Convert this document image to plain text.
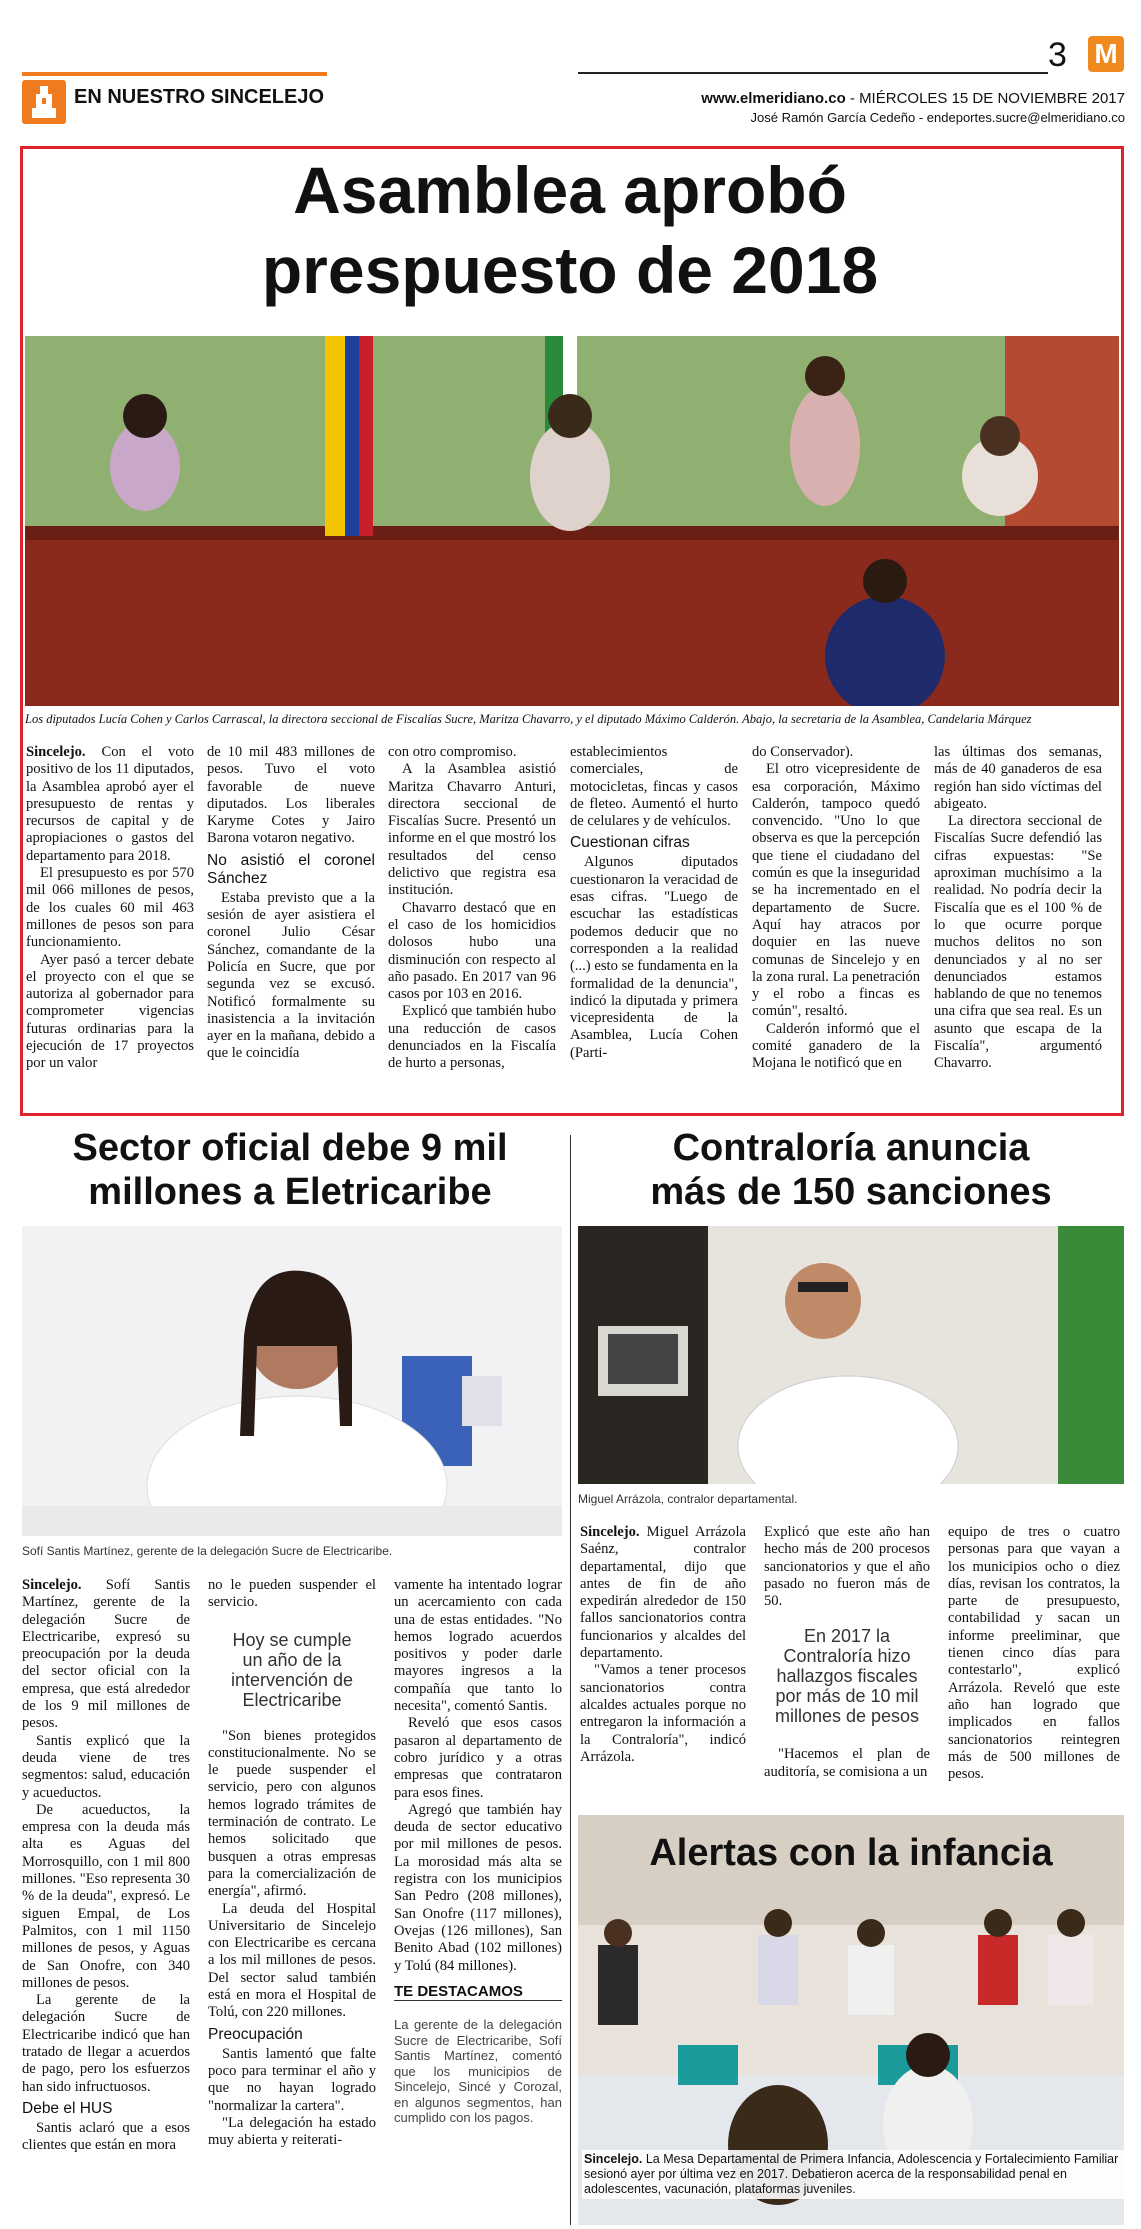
EN NUESTRO SINCELEJO
3 M
www.elmeridiano.co - MIÉRCOLES 15 DE NOVIEMBRE 2017
José Ramón García Cedeño - endeportes.sucre@elmeridiano.co
Asamblea aprobó
prespuesto de 2018
Los diputados Lucía Cohen y Carlos Carrascal, la directora seccional de Fiscalías Sucre, Maritza Chavarro, y el diputado Máximo Calderón. Abajo, la secretaria de la Asamblea, Candelaria Márquez

Sincelejo. Con el voto positivo de los 11 diputados, la Asamblea aprobó ayer el presupuesto de rentas y recursos de capital y de apropiaciones o gastos del departamento para 2018.

El presupuesto es por 570 mil 066 millones de pesos, de los cuales 60 mil 463 millones de pesos son para funcionamiento.

Ayer pasó a tercer debate el proyecto con el que se autoriza al gobernador para comprometer vigencias futuras ordinarias para la ejecución de 17 proyectos por un valor

de 10 mil 483 millones de pesos. Tuvo el voto favorable de nueve diputados. Los liberales Karyme Cotes y Jairo Barona votaron negativo.

No asistió el coronel Sánchez

Estaba previsto que a la sesión de ayer asistiera el coronel Julio César Sánchez, comandante de la Policía en Sucre, que por segunda vez se excusó. Notificó formalmente su inasistencia a la invitación ayer en la mañana, debido a que le coincidía

con otro compromiso.

A la Asamblea asistió Maritza Chavarro Anturi, directora seccional de Fiscalías Sucre. Presentó un informe en el que mostró los resultados del censo delictivo que registra esa institución.

Chavarro destacó que en el caso de los homicidios dolosos hubo una disminución con respecto al año pasado. En 2017 van 96 casos por 103 en 2016.

Explicó que también hubo una reducción de casos denunciados en la Fiscalía de hurto a personas,

establecimientos comerciales, de motocicletas, fincas y casos de fleteo. Aumentó el hurto de celulares y de vehículos.

Cuestionan cifras

Algunos diputados cuestionaron la veracidad de esas cifras. "Luego de escuchar las estadísticas podemos deducir que no corresponden a la realidad (...) esto se fundamenta en la formalidad de la denuncia", indicó la diputada y primera vicepresidenta de la Asamblea, Lucía Cohen (Parti-

do Conservador).

El otro vicepresidente de esa corporación, Máximo Calderón, tampoco quedó convencido. "Uno lo que observa es que la percepción que tiene el ciudadano del común es que la inseguridad se ha incrementado en el departamento de Sucre. Aquí hay atracos por doquier en las nueve comunas de Sincelejo y en la zona rural. La penetración y el robo a fincas es común", resaltó.

Calderón informó que el comité ganadero de la Mojana le notificó que en

las últimas dos semanas, más de 40 ganaderos de esa región han sido víctimas del abigeato.

La directora seccional de Fiscalías Sucre defendió las cifras expuestas: "Se aproximan muchísimo a la realidad. No podría decir la Fiscalía que es el 100 % de lo que ocurre porque muchos delitos no son denunciados y al no ser denunciados estamos hablando de que no tenemos una cifra que sea real. Es un asunto que escapa de la Fiscalía", argumentó Chavarro.

Sector oficial debe 9 mil
millones a Eletricaribe
Sofí Santis Martínez, gerente de la delegación Sucre de Electricaribe.

Sincelejo. Sofí Santis Martínez, gerente de la delegación Sucre de Electricaribe, expresó su preocupación por la deuda del sector oficial con la empresa, que está alrededor de los 9 mil millones de pesos.

Santis explicó que la deuda viene de tres segmentos: salud, educación y acueductos.

De acueductos, la empresa con la deuda más alta es Aguas del Morrosquillo, con 1 mil 800 millones. "Eso representa 30 % de la deuda", expresó. Le siguen Empal, de Los Palmitos, con 1 mil 1150 millones de pesos, y Aguas de San Onofre, con 340 millones de pesos.

La gerente de la delegación Sucre de Electricaribe indicó que han tratado de llegar a acuerdos de pago, pero los esfuerzos han sido infructuosos.

Debe el HUS

Santis aclaró que a esos clientes que están en mora

no le pueden suspender el servicio.

Hoy se cumple un año de la intervención de Electricaribe

"Son bienes protegidos constitucionalmente. No se le puede suspender el servicio, pero con algunos hemos logrado trámites de terminación de contrato. Le hemos solicitado que busquen a otras empresas para la comercialización de energía", afirmó.

La deuda del Hospital Universitario de Sincelejo con Electricaribe es cercana a los mil millones de pesos. Del sector salud también está en mora el Hospital de Tolú, con 220 millones.

Preocupación

Santis lamentó que falte poco para terminar el año y que no hayan logrado "normalizar la cartera".

"La delegación ha estado muy abierta y reiterati-

vamente ha intentado lograr un acercamiento con cada una de estas entidades. "No hemos logrado acuerdos positivos y poder darle mayores ingresos a la compañía que tanto lo necesita", comentó Santis.

Reveló que esos casos pasaron al departamento de cobro jurídico y a otras empresas que contrataron para esos fines.

Agregó que también hay deuda de sector educativo por mil millones de pesos. La morosidad más alta se registra con los municipios San Pedro (208 millones), San Onofre (117 millones), Ovejas (126 millones), San Benito Abad (102 millones) y Tolú (84 millones).

TE DESTACAMOS
La gerente de la delegación Sucre de Electricaribe, Sofí Santis Martínez, comentó que los municipios de Sincelejo, Sincé y Corozal, en algunos segmentos, han cumplido con los pagos.
Contraloría anuncia
más de 150 sanciones
Miguel Arrázola, contralor departamental.

Sincelejo. Miguel Arrázola Saénz, contralor departamental, dijo que antes de fin de año expedirán alrededor de 150 fallos sancionatorios contra funcionarios y alcaldes del departamento.

"Vamos a tener procesos sancionatorios contra alcaldes actuales porque no entregaron la información a la Contraloría", indicó Arrázola.

Explicó que este año han hecho más de 200 procesos sancionatorios y que el año pasado no fueron más de 50.

En 2017 la Contraloría hizo hallazgos fiscales por más de 10 mil millones de pesos

"Hacemos el plan de auditoría, se comisiona a un

equipo de tres o cuatro personas para que vayan a los municipios ocho o diez días, revisan los contratos, la parte de presupuesto, contabilidad y sacan un informe preeliminar, que tienen cinco días para contestarlo", explicó Arrázola. Reveló que este año han logrado que implicados en fallos sancionatorios reintegren más de 500 millones de pesos.

Alertas con la infancia
Sincelejo. La Mesa Departamental de Primera Infancia, Adolescencia y Fortalecimiento Familiar sesionó ayer por última vez en 2017. Debatieron acerca de la responsabilidad penal en adolescentes, vacunación, plataformas juveniles.
